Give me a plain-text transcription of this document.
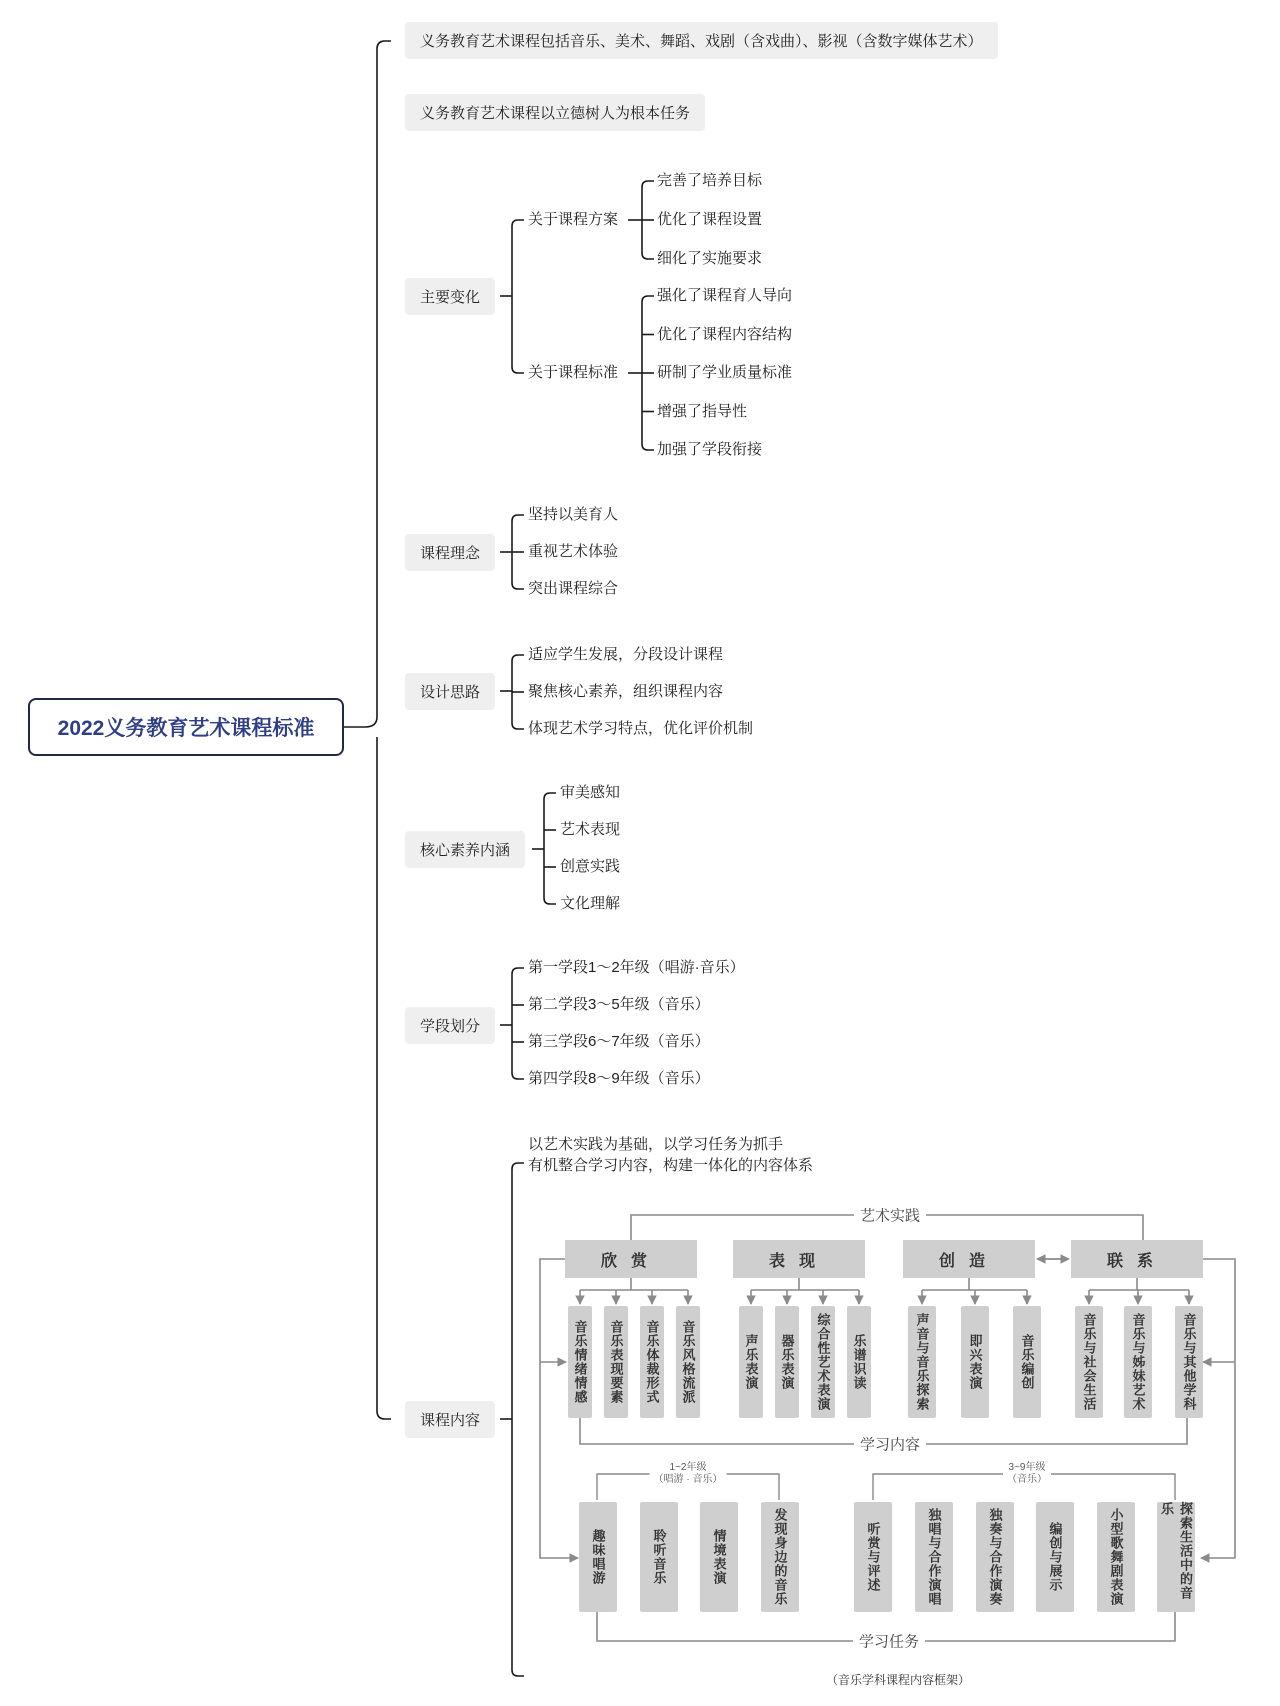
2022义务教育艺术课程标准
义务教育艺术课程包括音乐、美术、舞蹈、戏剧（含戏曲）、影视（含数字媒体艺术）
义务教育艺术课程以立德树人为根本任务
主要变化
关于课程方案
关于课程标准
完善了培养目标
优化了课程设置
细化了实施要求
强化了课程育人导向
优化了课程内容结构
研制了学业质量标准
增强了指导性
加强了学段衔接
课程理念
坚持以美育人
重视艺术体验
突出课程综合
设计思路
适应学生发展，分段设计课程
聚焦核心素养，组织课程内容
体现艺术学习特点，优化评价机制
核心素养内涵
审美感知
艺术表现
创意实践
文化理解
学段划分
第一学段1～2年级（唱游·音乐）
第二学段3～5年级（音乐）
第三学段6～7年级（音乐）
第四学段8～9年级（音乐）
课程内容
以艺术实践为基础，以学习任务为抓手
有机整合学习内容，构建一体化的内容体系
艺术实践
欣赏	表现	创造	联系
音乐情绪情感	音乐表现要素	音乐体裁形式	音乐风格流派	声乐表演	器乐表演	综合性艺术表演	乐谱识读	声音与音乐探索	即兴表演	音乐编创	音乐与社会生活	音乐与姊妹艺术	音乐与其他学科
学习内容
1~2年级
（唱游 · 音乐）
3~9年级
（音乐）
趣味唱游	聆听音乐	情境表演	发现身边的音乐	听赏与评述	独唱与合作演唱	独奏与合作演奏	编创与展示	小型歌舞剧表演	探索生活中的音乐
学习任务
（音乐学科课程内容框架）
